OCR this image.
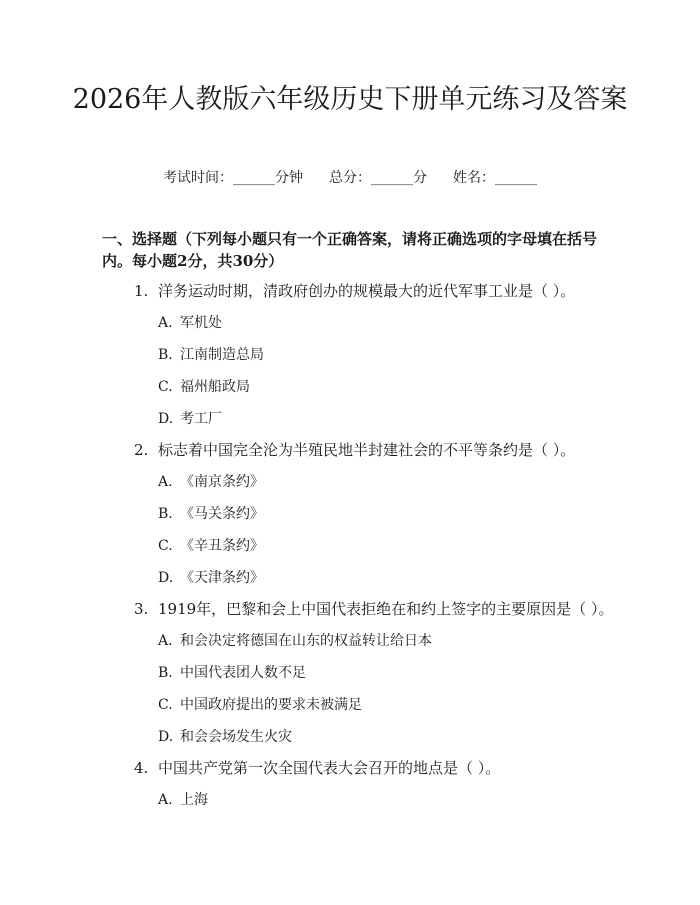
2026年人教版六年级历史下册单元练习及答案
考试时间：______分钟 总分：______分 姓名：______
一、选择题（下列每小题只有一个正确答案，请将正确选项的字母填在括号内。每小题2分，共30分）
1. 洋务运动时期，清政府创办的规模最大的近代军事工业是（ ）。
A. 军机处
B. 江南制造总局
C. 福州船政局
D. 考工厂
2. 标志着中国完全沦为半殖民地半封建社会的不平等条约是（ ）。
A. 《南京条约》
B. 《马关条约》
C. 《辛丑条约》
D. 《天津条约》
3. 1919年，巴黎和会上中国代表拒绝在和约上签字的主要原因是（ ）。
A. 和会决定将德国在山东的权益转让给日本
B. 中国代表团人数不足
C. 中国政府提出的要求未被满足
D. 和会会场发生火灾
4. 中国共产党第一次全国代表大会召开的地点是（ ）。
A. 上海
